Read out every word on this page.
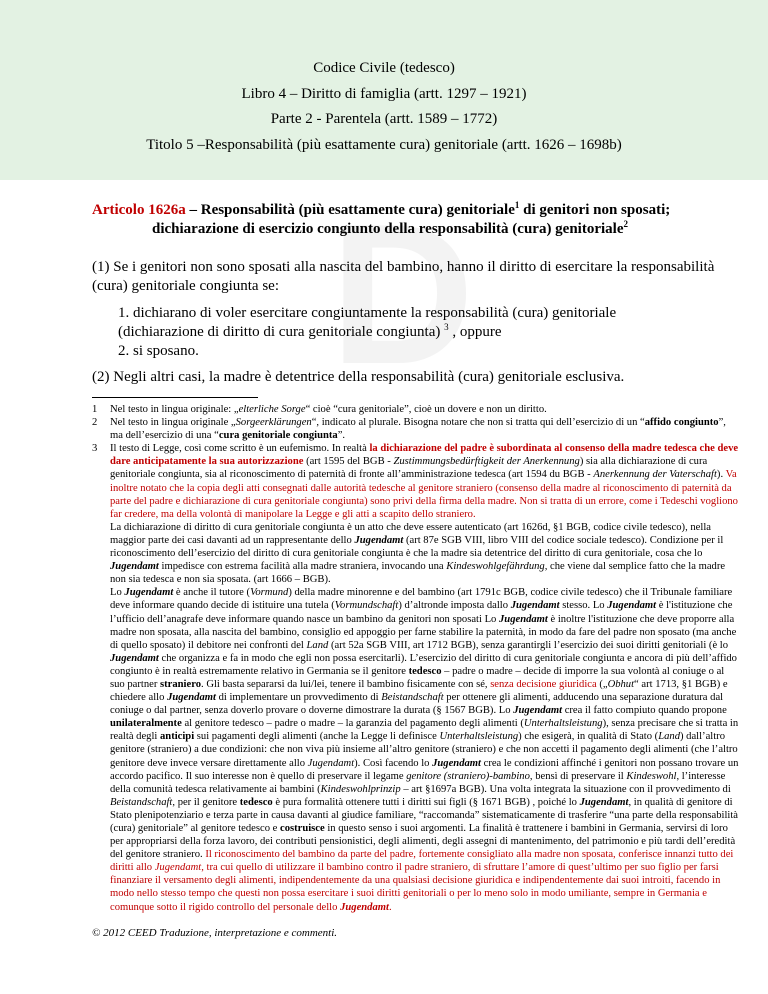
Codice Civile (tedesco)
Libro 4 – Diritto di famiglia (artt. 1297 – 1921)
Parte 2 - Parentela (artt. 1589 – 1772)
Titolo 5 –Responsabilità (più esattamente cura) genitoriale (artt. 1626 – 1698b)
Articolo 1626a – Responsabilità (più esattamente cura) genitoriale$^1$ di genitori non sposati;
dichiarazione di esercizio congiunto della responsabilità (cura) genitoriale$^2$
(1) Se i genitori non sono sposati alla nascita del bambino, hanno il diritto di esercitare la responsabilità (cura) genitoriale congiunta se:
1. dichiarano di voler esercitare congiuntamente la responsabilità (cura) genitoriale
(dichiarazione di diritto di cura genitoriale congiunta) $^3$ , oppure
2. si sposano.
(2) Negli altri casi, la madre è detentrice della responsabilità (cura) genitoriale esclusiva.
1 Nel testo in lingua originale: „elterliche Sorge“ cioè “cura genitoriale”, cioè un dovere e non un diritto.
2 Nel testo in lingua originale „Sorgeerklärungen“, indicato al plurale. Bisogna notare che non si tratta qui dell’esercizio di un “affido congiunto”, ma dell’esercizio di una “cura genitoriale congiunta”.
3 Il testo di Legge, così come scritto è un eufemismo. In realtà la dichiarazione del padre è subordinata al consenso della madre tedesca che deve dare anticipatamente la sua autorizzazione (art 1595 del BGB - Zustimmungsbedürftigkeit der Anerkennung) sia alla dichiarazione di cura genitoriale congiunta, sia al riconoscimento di paternità di fronte all’amministrazione tedesca (art 1594 du BGB - Anerkennung der Vaterschaft). Va inoltre notato che la copia degli atti consegnati dalle autorità tedesche al genitore straniero (consenso della madre al riconoscimento di paternità da parte del padre e dichiarazione di cura genitoriale congiunta) sono privi della firma della madre. Non si tratta di un errore, come i Tedeschi vogliono far credere, ma della volontà di manipolare la Legge e gli atti a scapito dello straniero.
La dichiarazione di diritto di cura genitoriale congiunta è un atto che deve essere autenticato (art 1626d, §1 BGB, codice civile tedesco), nella maggior parte dei casi davanti ad un rappresentante dello Jugendamt (art 87e SGB VIII, libro VIII del codice sociale tedesco). Condizione per il riconoscimento dell’esercizio del diritto di cura genitoriale congiunta è che la madre sia detentrice del diritto di cura genitoriale, cosa che lo Jugendamt impedisce con estrema facilità alla madre straniera, invocando una Kindeswohlgefährdung, che viene dal semplice fatto che la madre non sia tedesca e non sia sposata. (art 1666 – BGB).
Lo Jugendamt è anche il tutore (Vormund) della madre minorenne e del bambino (art 1791c BGB, codice civile tedesco) che il Tribunale familiare deve informare quando decide di istituire una tutela (Vormundschaft) d’altronde imposta dallo Jugendamt stesso. Lo Jugendamt è l'istituzione che l’ufficio dell’anagrafe deve informare quando nasce un bambino da genitori non sposati Lo Jugendamt è inoltre l'istituzione che deve proporre alla madre non sposata, alla nascita del bambino, consiglio ed appoggio per farne stabilire la paternità, in modo da fare del padre non sposato (ma anche di quello sposato) il debitore nei confronti del Land (art 52a SGB VIII, art 1712 BGB), senza garantirgli l’esercizio dei suoi diritti genitoriali (è lo Jugendamt che organizza e fa in modo che egli non possa esercitarli). L’esercizio del diritto di cura genitoriale congiunta e ancora di più dell’affido congiunto è in realtà estremamente relativo in Germania se il genitore tedesco – padre o madre – decide di imporre la sua volontà al coniuge o al suo partner straniero. Gli basta separarsi da lui/lei, tenere il bambino fisicamente con sé, senza decisione giuridica („Obhut“ art 1713, §1 BGB) e chiedere allo Jugendamt di implementare un provvedimento di Beistandschaft per ottenere gli alimenti, adducendo una separazione duratura dal coniuge o dal partner, senza doverlo provare o doverne dimostrare la durata (§ 1567 BGB). Lo Jugendamt crea il fatto compiuto quando propone unilateralmente al genitore tedesco – padre o madre – la garanzia del pagamento degli alimenti (Unterhaltsleistung), senza precisare che si tratta in realtà degli anticipi sui pagamenti degli alimenti (anche la Legge li definisce Unterhaltsleistung) che esigerà, in qualità di Stato (Land) dall’altro genitore (straniero) a due condizioni: che non viva più insieme all’altro genitore (straniero) e che non accetti il pagamento degli alimenti (che l’altro genitore deve invece versare direttamente allo Jugendamt). Così facendo lo Jugendamt crea le condizioni affinché i genitori non possano trovare un accordo pacifico. Il suo interesse non è quello di preservare il legame genitore (straniero)-bambino, bensì di preservare il Kindeswohl, l’interesse della comunità tedesca relativamente ai bambini (Kindeswohlprinzip – art §1697a BGB). Una volta integrata la situazione con il provvedimento di Beistandschaft, per il genitore tedesco è pura formalità ottenere tutti i diritti sui figli (§ 1671 BGB) , poiché lo Jugendamt, in qualità di genitore di Stato plenipotenziario e terza parte in causa davanti al giudice familiare, “raccomanda” sistematicamente di trasferire “una parte della responsabilità (cura) genitoriale” al genitore tedesco e costruisce in questo senso i suoi argomenti. La finalità è trattenere i bambini in Germania, servirsi di loro per appropriarsi della forza lavoro, dei contributi pensionistici, degli alimenti, degli assegni di mantenimento, del patrimonio e più tardi dell’eredità del genitore straniero. Il riconoscimento del bambino da parte del padre, fortemente consigliato alla madre non sposata, conferisce innanzi tutto dei diritti allo Jugendamt, tra cui quello di utilizzare il bambino contro il padre straniero, di sfruttare l’amore di quest’ultimo per suo figlio per farsi finanziare il versamento degli alimenti, indipendentemente da una qualsiasi decisione giuridica e indipendentemente dai suoi introiti, facendo in modo nello stesso tempo che questi non possa esercitare i suoi diritti genitoriali o per lo meno solo in modo umiliante, sempre in Germania e comunque sotto il rigido controllo del personale dello Jugendamt.
© 2012 CEED Traduzione, interpretazione e commenti.
